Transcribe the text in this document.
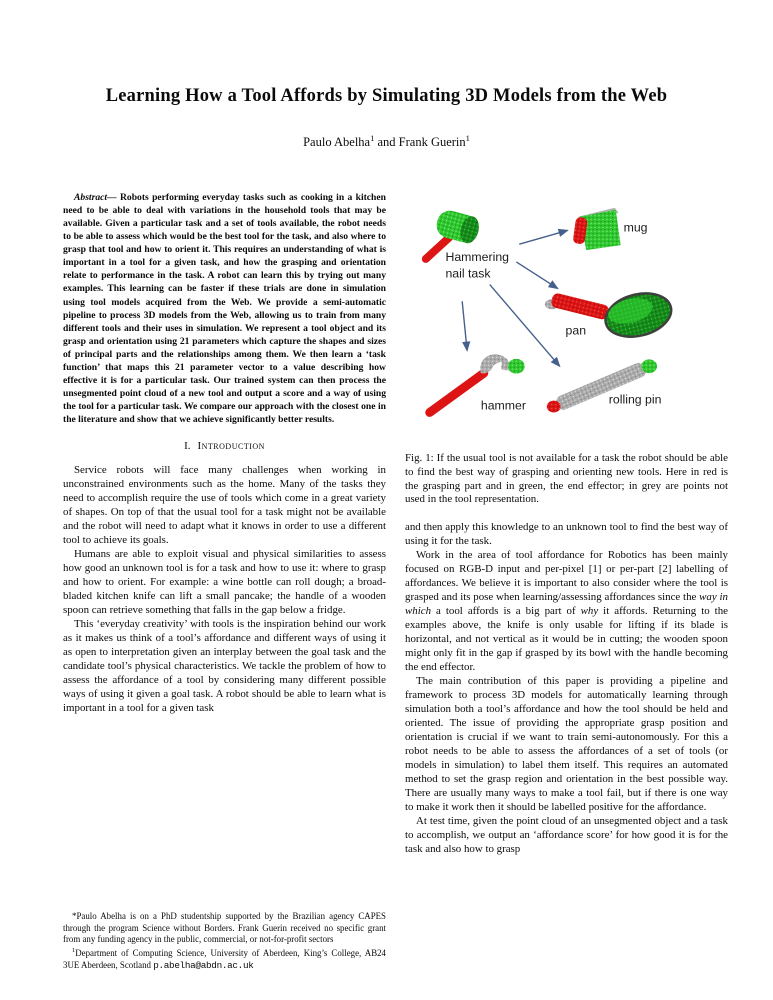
Learning How a Tool Affords by Simulating 3D Models from the Web
Paulo Abelha$^1$ and Frank Guerin$^1$

Abstract— Robots performing everyday tasks such as cooking in a kitchen need to be able to deal with variations in the household tools that may be available. Given a particular task and a set of tools available, the robot needs to be able to assess which would be the best tool for the task, and also where to grasp that tool and how to orient it. This requires an understanding of what is important in a tool for a given task, and how the grasping and orientation relate to performance in the task. A robot can learn this by trying out many examples. This learning can be faster if these trials are done in simulation using tool models acquired from the Web. We provide a semi-automatic pipeline to process 3D models from the Web, allowing us to train from many different tools and their uses in simulation. We represent a tool object and its grasp and orientation using 21 parameters which capture the shapes and sizes of principal parts and the relationships among them. We then learn a ‘task function’ that maps this 21 parameter vector to a value describing how effective it is for a particular task. Our trained system can then process the unsegmented point cloud of a new tool and output a score and a way of using the tool for a particular task. We compare our approach with the closest one in the literature and show that we achieve significantly better results.

I. Introduction

Service robots will face many challenges when working in unconstrained environments such as the home. Many of the tasks they need to accomplish require the use of tools which come in a great variety of shapes. On top of that the usual tool for a task might not be available and the robot will need to adapt what it knows in order to use a different tool to achieve its goals.

Humans are able to exploit visual and physical similarities to assess how good an unknown tool is for a task and how to use it: where to grasp and how to orient. For example: a wine bottle can roll dough; a broad-bladed kitchen knife can lift a small pancake; the handle of a wooden spoon can retrieve something that falls in the gap below a fridge.

This ‘everyday creativity’ with tools is the inspiration behind our work as it makes us think of a tool’s affordance and different ways of using it as open to interpretation given an interplay between the goal task and the candidate tool’s physical characteristics. We tackle the problem of how to assess the affordance of a tool by considering many different possible ways of using it given a goal task. A robot should be able to learn what is important in a tool for a given task

*Paulo Abelha is on a PhD studentship supported by the Brazilian agency CAPES through the program Science without Borders. Frank Guerin received no specific grant from any funding agency in the public, commercial, or not-for-profit sectors

$^1$Department of Computing Science, University of Aberdeen, King’s College, AB24 3UE Aberdeen, Scotland p.abelha@abdn.ac.uk

Hammering
nail task
mug
pan
hammer	rolling pin

Fig. 1: If the usual tool is not available for a task the robot should be able to find the best way of grasping and orienting new tools. Here in red is the grasping part and in green, the end effector; in grey are points not used in the tool representation.

and then apply this knowledge to an unknown tool to find the best way of using it for the task.

Work in the area of tool affordance for Robotics has been mainly focused on RGB-D input and per-pixel [1] or per-part [2] labelling of affordances. We believe it is important to also consider where the tool is grasped and its pose when learning/assessing affordances since the way in which a tool affords is a big part of why it affords. Returning to the examples above, the knife is only usable for lifting if its blade is horizontal, and not vertical as it would be in cutting; the wooden spoon might only fit in the gap if grasped by its bowl with the handle becoming the end effector.

The main contribution of this paper is providing a pipeline and framework to process 3D models for automatically learning through simulation both a tool’s affordance and how the tool should be held and oriented. The issue of providing the appropriate grasp position and orientation is crucial if we want to train semi-autonomously. For this a robot needs to be able to assess the affordances of a set of tools (or models in simulation) to label them itself. This requires an automated method to set the grasp region and orientation in the best possible way. There are usually many ways to make a tool fail, but if there is one way to make it work then it should be labelled positive for the affordance.

At test time, given the point cloud of an unsegmented object and a task to accomplish, we output an ‘affordance score’ for how good it is for the task and also how to grasp
